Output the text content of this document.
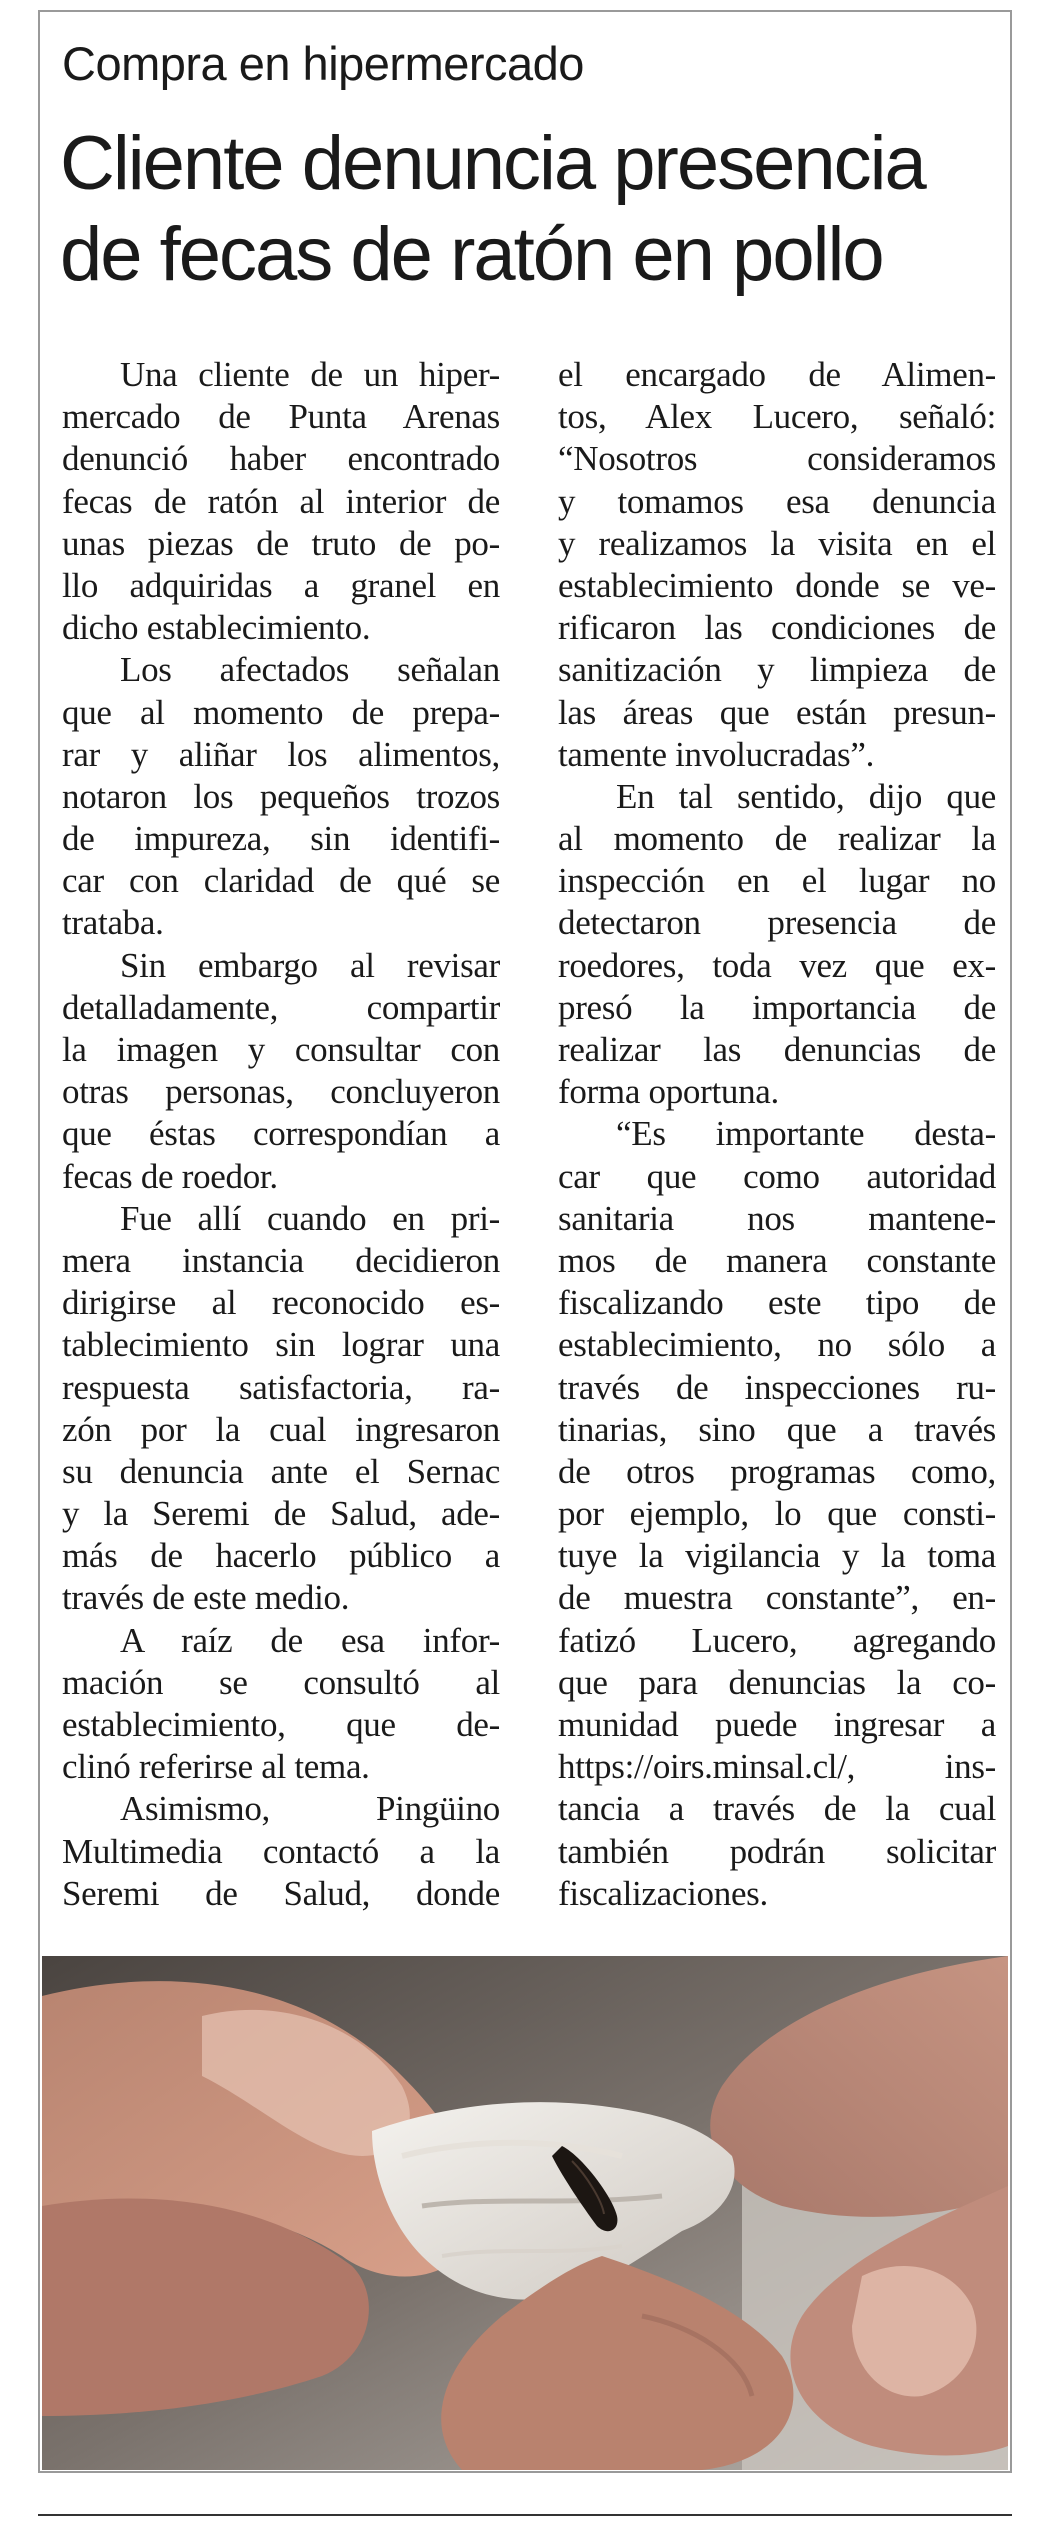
Compra en hipermercado
Cliente denuncia presencia
de fecas de ratón en pollo
Una cliente de un hiper-
mercado de Punta Arenas
denunció haber encontrado
fecas de ratón al interior de
unas piezas de truto de po-
llo adquiridas a granel en
dicho establecimiento.
Los afectados señalan
que al momento de prepa-
rar y aliñar los alimentos,
notaron los pequeños trozos
de impureza, sin identifi-
car con claridad de qué se
trataba.
Sin embargo al revisar
detalladamente, compartir
la imagen y consultar con
otras personas, concluyeron
que éstas correspondían a
fecas de roedor.
Fue allí cuando en pri-
mera instancia decidieron
dirigirse al reconocido es-
tablecimiento sin lograr una
respuesta satisfactoria, ra-
zón por la cual ingresaron
su denuncia ante el Sernac
y la Seremi de Salud, ade-
más de hacerlo público a
través de este medio.
A raíz de esa infor-
mación se consultó al
establecimiento, que de-
clinó referirse al tema.
Asimismo, Pingüino
Multimedia contactó a la
Seremi de Salud, donde
el encargado de Alimen-
tos, Alex Lucero, señaló:
“Nosotros consideramos
y tomamos esa denuncia
y realizamos la visita en el
establecimiento donde se ve-
rificaron las condiciones de
sanitización y limpieza de
las áreas que están presun-
tamente involucradas”.
En tal sentido, dijo que
al momento de realizar la
inspección en el lugar no
detectaron presencia de
roedores, toda vez que ex-
presó la importancia de
realizar las denuncias de
forma oportuna.
“Es importante desta-
car que como autoridad
sanitaria nos mantene-
mos de manera constante
fiscalizando este tipo de
establecimiento, no sólo a
través de inspecciones ru-
tinarias, sino que a través
de otros programas como,
por ejemplo, lo que consti-
tuye la vigilancia y la toma
de muestra constante”, en-
fatizó Lucero, agregando
que para denuncias la co-
munidad puede ingresar a
https://oirs.minsal.cl/, ins-
tancia a través de la cual
también podrán solicitar
fiscalizaciones.
